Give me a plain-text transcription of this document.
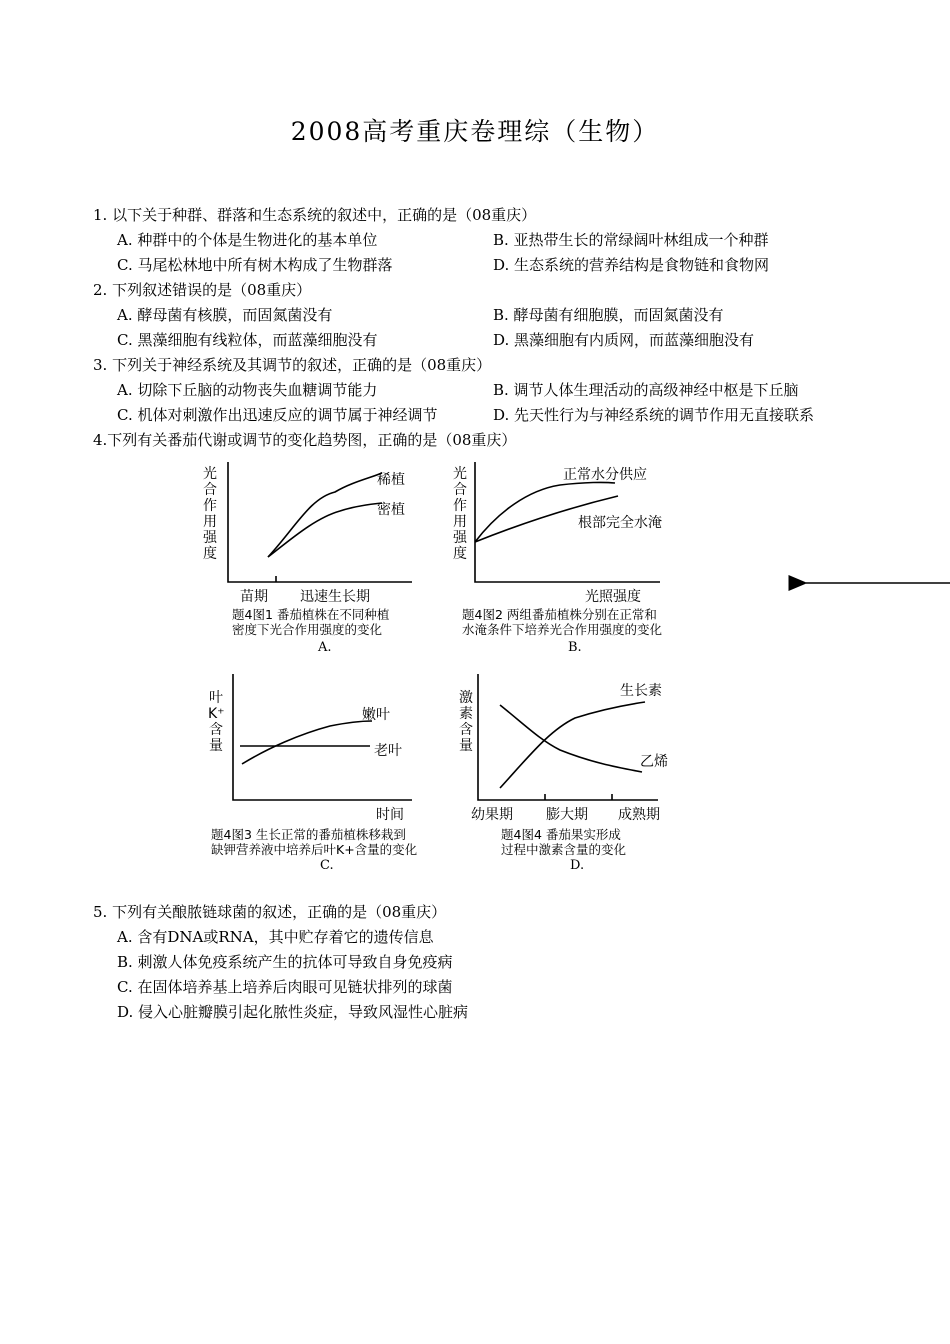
2008高考重庆卷理综（生物）
1. 以下关于种群、群落和生态系统的叙述中，正确的是（08重庆）
A. 种群中的个体是生物进化的基本单位	B. 亚热带生长的常绿阔叶林组成一个种群
C. 马尾松林地中所有树木构成了生物群落	D. 生态系统的营养结构是食物链和食物网
2. 下列叙述错误的是（08重庆）
A. 酵母菌有核膜，而固氮菌没有	B. 酵母菌有细胞膜，而固氮菌没有
C. 黑藻细胞有线粒体，而蓝藻细胞没有	D. 黑藻细胞有内质网，而蓝藻细胞没有
3. 下列关于神经系统及其调节的叙述，正确的是（08重庆）
A. 切除下丘脑的动物丧失血糖调节能力	B. 调节人体生理活动的高级神经中枢是下丘脑
C. 机体对刺激作出迅速反应的调节属于神经调节	D. 先天性行为与神经系统的调节作用无直接联系
4.下列有关番茄代谢或调节的变化趋势图，正确的是（08重庆）
光合作用强度
稀植
密植
苗期 迅速生长期
题4图1 番茄植株在不同种植
密度下光合作用强度的变化
A.
光合作用强度
正常水分供应
根部完全水淹
光照强度
题4图2 两组番茄植株分别在正常和
水淹条件下培养光合作用强度的变化
B.
叶K⁺含量
嫩叶
老叶
时间
题4图3 生长正常的番茄植株移栽到
缺钾营养液中培养后叶K+含量的变化
C.
激素含量
生长素
乙烯
幼果期 膨大期 成熟期
题4图4 番茄果实形成
过程中激素含量的变化
D.
5. 下列有关酿脓链球菌的叙述，正确的是（08重庆）
A. 含有DNA或RNA，其中贮存着它的遗传信息
B. 刺激人体免疫系统产生的抗体可导致自身免疫病
C. 在固体培养基上培养后肉眼可见链状排列的球菌
D. 侵入心脏瓣膜引起化脓性炎症，导致风湿性心脏病
